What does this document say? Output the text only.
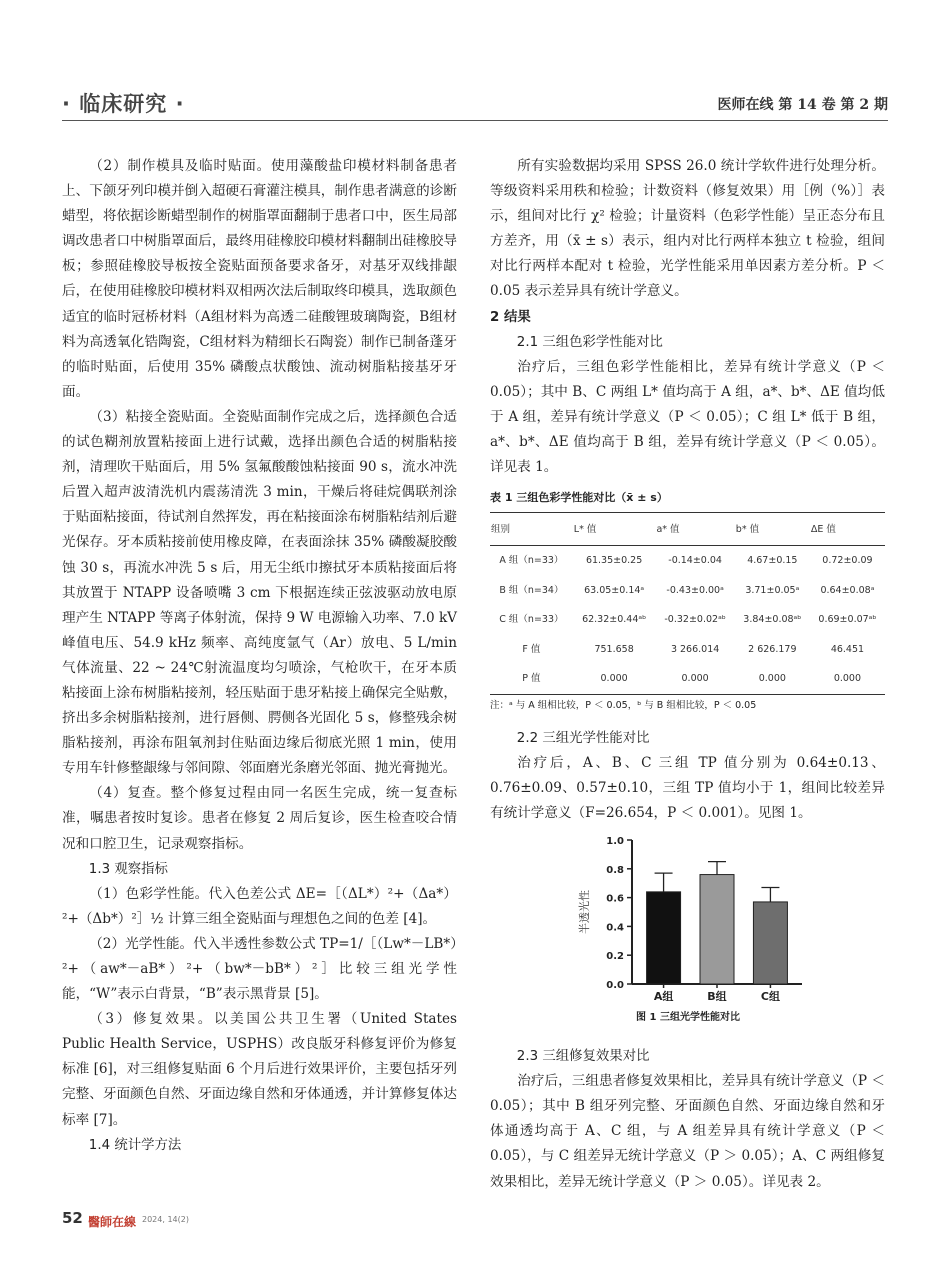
· 临床研究 ·	医师在线 第 14 卷 第 2 期

（2）制作模具及临时贴面。使用藻酸盐印模材料制备患者上、下颌牙列印模并倒入超硬石膏灌注模具，制作患者满意的诊断蜡型，将依据诊断蜡型制作的树脂罩面翻制于患者口中，医生局部调改患者口中树脂罩面后，最终用硅橡胶印模材料翻制出硅橡胶导板；参照硅橡胶导板按全瓷贴面预备要求备牙，对基牙双线排龈后，在使用硅橡胶印模材料双相两次法后制取终印模具，选取颜色适宜的临时冠桥材料（A组材料为高透二硅酸锂玻璃陶瓷，B组材料为高透氧化锆陶瓷，C组材料为精细长石陶瓷）制作已制备蓬牙的临时贴面，后使用 35% 磷酸点状酸蚀、流动树脂粘接基牙牙面。

（3）粘接全瓷贴面。全瓷贴面制作完成之后，选择颜色合适的试色糊剂放置粘接面上进行试戴，选择出颜色合适的树脂粘接剂，清理吹干贴面后，用 5% 氢氟酸酸蚀粘接面 90 s，流水冲洗后置入超声波清洗机内震荡清洗 3 min，干燥后将硅烷偶联剂涂于贴面粘接面，待试剂自然挥发，再在粘接面涂布树脂粘结剂后避光保存。牙本质粘接前使用橡皮障，在表面涂抹 35% 磷酸凝胶酸蚀 30 s，再流水冲洗 5 s 后，用无尘纸巾擦拭牙本质粘接面后将其放置于 NTAPP 设备喷嘴 3 cm 下根据连续正弦波驱动放电原理产生 NTAPP 等离子体射流，保持 9 W 电源输入功率、7.0 kV 峰值电压、54.9 kHz 频率、高纯度氩气（Ar）放电、5 L/min 气体流量、22 ~ 24℃射流温度均匀喷涂，气枪吹干，在牙本质粘接面上涂布树脂粘接剂，轻压贴面于患牙粘接上确保完全贴敷，挤出多余树脂粘接剂，进行唇侧、腭侧各光固化 5 s，修整残余树脂粘接剂，再涂布阻氧剂封住贴面边缘后彻底光照 1 min，使用专用车针修整龈缘与邻间隙、邻面磨光条磨光邻面、抛光膏抛光。

（4）复查。整个修复过程由同一名医生完成，统一复查标准，嘱患者按时复诊。患者在修复 2 周后复诊，医生检查咬合情况和口腔卫生，记录观察指标。

1.3 观察指标

（1）色彩学性能。代入色差公式 ΔE=［（ΔL*）²+（Δa*）²+（Δb*）²］½ 计算三组全瓷贴面与理想色之间的色差 [4]。

（2）光学性能。代入半透性参数公式 TP=1/［（Lw*－LB*）²+（aw*－aB*）²+（bw*－bB*）²］比较三组光学性能，“W”表示白背景，“B”表示黑背景 [5]。

（3）修复效果。以美国公共卫生署（United States Public Health Service，USPHS）改良版牙科修复评价为修复标准 [6]，对三组修复贴面 6 个月后进行效果评价，主要包括牙列完整、牙面颜色自然、牙面边缘自然和牙体通透，并计算修复体达标率 [7]。

1.4 统计学方法

所有实验数据均采用 SPSS 26.0 统计学软件进行处理分析。等级资料采用秩和检验；计数资料（修复效果）用［例（%）］表示，组间对比行 χ² 检验；计量资料（色彩学性能）呈正态分布且方差齐，用（x̄ ± s）表示，组内对比行两样本独立 t 检验，组间对比行两样本配对 t 检验，光学性能采用单因素方差分析。P ＜ 0.05 表示差异具有统计学意义。

2 结果
2.1 三组色彩学性能对比

治疗后，三组色彩学性能相比，差异有统计学意义（P ＜ 0.05）；其中 B、C 两组 L* 值均高于 A 组，a*、b*、ΔE 值均低于 A 组，差异有统计学意义（P ＜ 0.05）；C 组 L* 低于 B 组，a*、b*、ΔE 值均高于 B 组，差异有统计学意义（P ＜ 0.05）。详见表 1。

表 1 三组色彩学性能对比（x̄ ± s）
组别	L* 值	a* 值	b* 值	ΔE 值
A 组（n=33）	61.35±0.25	-0.14±0.04	4.67±0.15	0.72±0.09
B 组（n=34）	63.05±0.14ᵃ	-0.43±0.00ᵃ	3.71±0.05ᵃ	0.64±0.08ᵃ
C 组（n=33）	62.32±0.44ᵃᵇ	-0.32±0.02ᵃᵇ	3.84±0.08ᵃᵇ	0.69±0.07ᵃᵇ
F 值	751.658	3 266.014	2 626.179	46.451
P 值	0.000	0.000	0.000	0.000
注：ᵃ 与 A 组相比较，P ＜ 0.05，ᵇ 与 B 组相比较，P ＜ 0.05
2.2 三组光学性能对比

治疗后，A、B、C 三组 TP 值分别为 0.64±0.13、0.76±0.09、0.57±0.10，三组 TP 值均小于 1，组间比较差异有统计学意义（F=26.654，P ＜ 0.001）。见图 1。

0.0
0.2
0.4
0.6
0.8
1.0
半透光性
A组	B组	C组
图 1 三组光学性能对比
2.3 三组修复效果对比

治疗后，三组患者修复效果相比，差异具有统计学意义（P ＜ 0.05）；其中 B 组牙列完整、牙面颜色自然、牙面边缘自然和牙体通透均高于 A、C 组，与 A 组差异具有统计学意义（P ＜ 0.05），与 C 组差异无统计学意义（P ＞ 0.05）；A、C 两组修复效果相比，差异无统计学意义（P ＞ 0.05）。详见表 2。

52 醫師在線 2024, 14(2)
